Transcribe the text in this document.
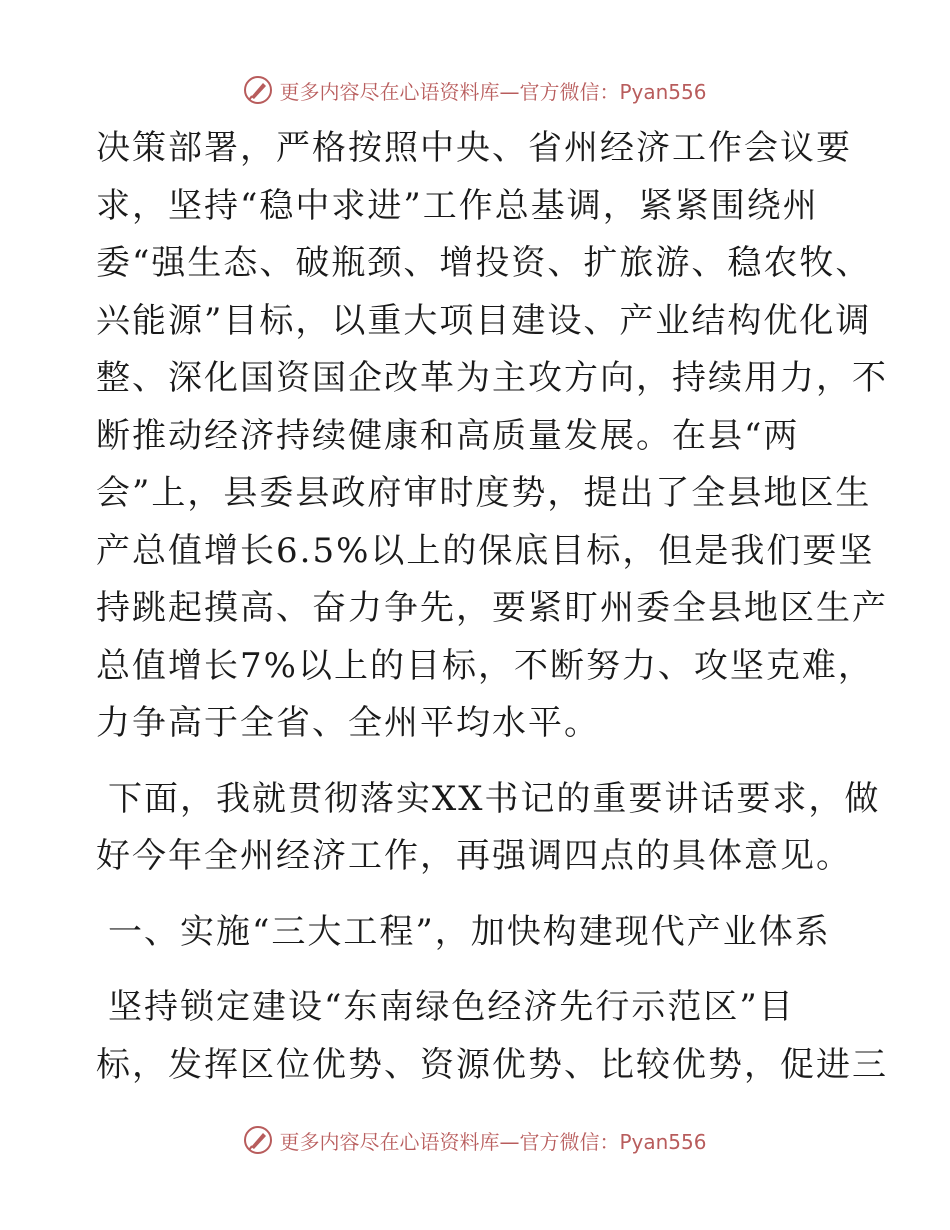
更多内容尽在心语资料库—官方微信：Pyan556
决策部署，严格按照中央、省州经济工作会议要
求，坚持“稳中求进”工作总基调，紧紧围绕州
委“强生态、破瓶颈、增投资、扩旅游、稳农牧、
兴能源”目标，以重大项目建设、产业结构优化调
整、深化国资国企改革为主攻方向，持续用力，不
断推动经济持续健康和高质量发展。在县“两
会”上，县委县政府审时度势，提出了全县地区生
产总值增长6.5%以上的保底目标，但是我们要坚
持跳起摸高、奋力争先，要紧盯州委全县地区生产
总值增长7%以上的目标，不断努力、攻坚克难，
力争高于全省、全州平均水平。
下面，我就贯彻落实XX书记的重要讲话要求，做
好今年全州经济工作，再强调四点的具体意见。
一、实施“三大工程”，加快构建现代产业体系
坚持锁定建设“东南绿色经济先行示范区”目
标，发挥区位优势、资源优势、比较优势，促进三
更多内容尽在心语资料库—官方微信：Pyan556
